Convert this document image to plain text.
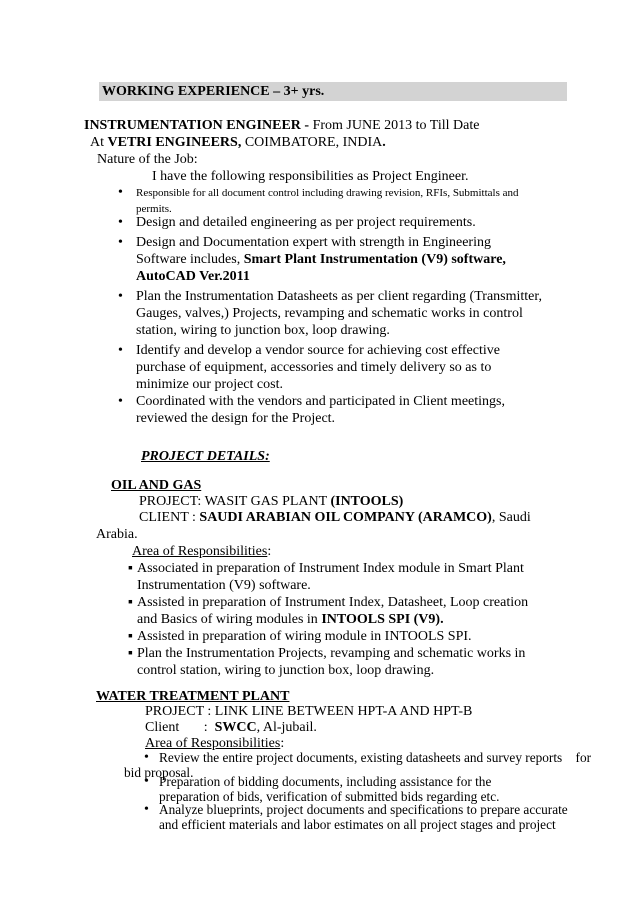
WORKING EXPERIENCE – 3+ yrs.
INSTRUMENTATION ENGINEER - From JUNE 2013 to Till Date
At VETRI ENGINEERS, COIMBATORE, INDIA.
Nature of the Job:
I have the following responsibilities as Project Engineer.
•
Responsible for all document control including drawing revision, RFIs, Submittals and
permits.
•
Design and detailed engineering as per project requirements.
•
Design and Documentation expert with strength in Engineering
Software includes, Smart Plant Instrumentation (V9) software,
AutoCAD Ver.2011
•
Plan the Instrumentation Datasheets as per client regarding (Transmitter,
Gauges, valves,) Projects, revamping and schematic works in control
station, wiring to junction box, loop drawing.
•
Identify and develop a vendor source for achieving cost effective
purchase of equipment, accessories and timely delivery so as to
minimize our project cost.
•
Coordinated with the vendors and participated in Client meetings,
reviewed the design for the Project.
PROJECT DETAILS:
OIL AND GAS
PROJECT: WASIT GAS PLANT (INTOOLS)
CLIENT : SAUDI ARABIAN OIL COMPANY (ARAMCO), Saudi
Arabia.
Area of Responsibilities:
▪ Associated in preparation of Instrument Index module in Smart Plant
Instrumentation (V9) software.
▪ Assisted in preparation of Instrument Index, Datasheet, Loop creation
and Basics of wiring modules in INTOOLS SPI (V9).
▪ Assisted in preparation of wiring module in INTOOLS SPI.
▪ Plan the Instrumentation Projects, revamping and schematic works in
control station, wiring to junction box, loop drawing.
WATER TREATMENT PLANT
PROJECT : LINK LINE BETWEEN HPT-A AND HPT-B
Client       :  SWCC, Al-jubail.
Area of Responsibilities:
•
Review the entire project documents, existing datasheets and survey reports    for
bid proposal.
•
Preparation of bidding documents, including assistance for the
preparation of bids, verification of submitted bids regarding etc.
•
Analyze blueprints, project documents and specifications to prepare accurate
and efficient materials and labor estimates on all project stages and project
